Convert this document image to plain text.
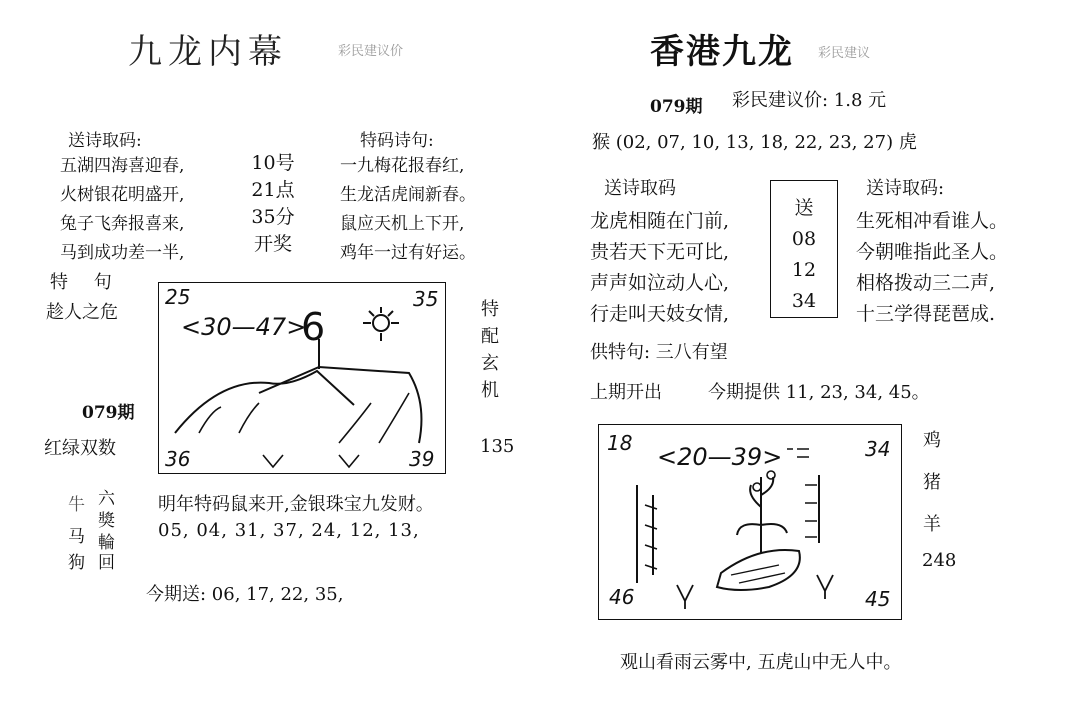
九龙内幕	彩民建议价
送诗取码:
五湖四海喜迎春,
火树银花明盛开,
兔子飞奔报喜来,
马到成功差一半,
10号
21点
35分
开奖
特码诗句:
一九梅花报春红,
生龙活虎闹新春。
鼠应天机上下开,
鸡年一过有好运。
特 句
趁人之危
079期
红绿双数
25	35
36	39
<30—47>
6	特
配
玄
机
135
牛
马
狗
六
獎
輪
回
明年特码鼠来开,金银珠宝九发财。
05, 04, 31, 37, 24, 12, 13,
今期送: 06, 17, 22, 35,
香港九龙 彩民建议
079期 彩民建议价: 1.8 元
猴 (02, 07, 10, 13, 18, 22, 23, 27) 虎
送诗取码	送诗取码:
龙虎相随在门前,
贵若天下无可比,
声声如泣动人心,
行走叫天妓女情,
送
08
12
34
生死相冲看谁人。
今朝唯指此圣人。
相格拨动三二声,
十三学得琵琶成.
供特句: 三八有望
上期开出	今期提供 11, 23, 34, 45。
18	34
46	45
<20—39>
鸡
猪
羊
248
观山看雨云雾中, 五虎山中无人中。
